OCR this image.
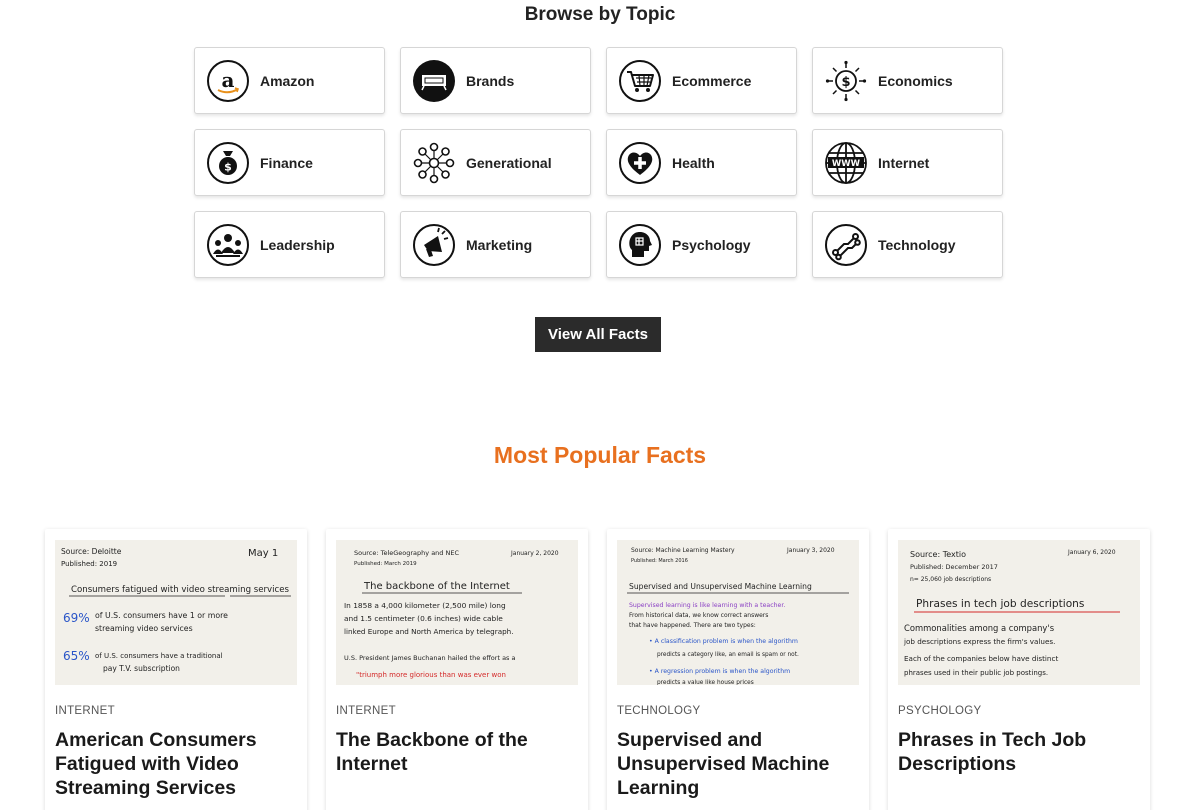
Browse by Topic
a Amazon	Brands	Ecommerce	$ Economics
$ Finance	Generational	Health	WWW Internet
Leadership	Marketing	Psychology	Technology
View All Facts
Most Popular Facts
Source: Deloitte
Published: 2019
May 1
Consumers fatigued with video streaming services
69% of U.S. consumers have 1 or more
streaming video services
65% of U.S. consumers have a traditional
pay T.V. subscription
INTERNET
American Consumers Fatigued with Video Streaming Services
Source: TeleGeography and NEC
Published: March 2019
January 2, 2020
The backbone of the Internet
In 1858 a 4,000 kilometer (2,500 mile) long
and 1.5 centimeter (0.6 inches) wide cable
linked Europe and North America by telegraph.
U.S. President James Buchanan hailed the effort as a
"triumph more glorious than was ever won
INTERNET
The Backbone of the Internet
Source: Machine Learning Mastery
Published: March 2016
January 3, 2020
Supervised and Unsupervised Machine Learning
Supervised learning is like learning with a teacher.
From historical data, we know correct answers
that have happened. There are two types:
• A classification problem is when the algorithm
predicts a category like, an email is spam or not.
• A regression problem is when the algorithm
predicts a value like house prices
TECHNOLOGY
Supervised and Unsupervised Machine Learning
Source: Textio
Published: December 2017
n= 25,060 job descriptions
January 6, 2020
Phrases in tech job descriptions
Commonalities among a company's
job descriptions express the firm's values.
Each of the companies below have distinct
phrases used in their public job postings.
PSYCHOLOGY
Phrases in Tech Job Descriptions
